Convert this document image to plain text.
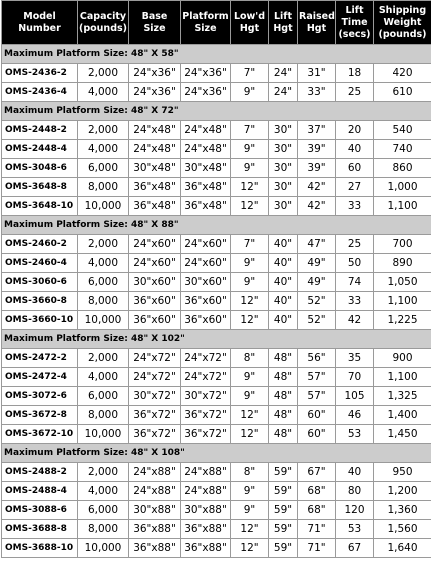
Model Number	Capacity (pounds)	Base Size	Platform Size	Low'd Hgt	Lift Hgt	Raised Hgt	Lift Time (secs)	Shipping Weight (pounds)
Maximum Platform Size: 48" X 58"								
OMS-2436-2	2,000	24"x36"	24"x36"	7"	24"	31"	18	420
OMS-2436-4	4,000	24"x36"	24"x36"	9"	24"	33"	25	610
Maximum Platform Size: 48" X 72"								
OMS-2448-2	2,000	24"x48"	24"x48"	7"	30"	37"	20	540
OMS-2448-4	4,000	24"x48"	24"x48"	9"	30"	39"	40	740
OMS-3048-6	6,000	30"x48"	30"x48"	9"	30"	39"	60	860
OMS-3648-8	8,000	36"x48"	36"x48"	12"	30"	42"	27	1,000
OMS-3648-10	10,000	36"x48"	36"x48"	12"	30"	42"	33	1,100
Maximum Platform Size: 48" X 88"								
OMS-2460-2	2,000	24"x60"	24"x60"	7"	40"	47"	25	700
OMS-2460-4	4,000	24"x60"	24"x60"	9"	40"	49"	50	890
OMS-3060-6	6,000	30"x60"	30"x60"	9"	40"	49"	74	1,050
OMS-3660-8	8,000	36"x60"	36"x60"	12"	40"	52"	33	1,100
OMS-3660-10	10,000	36"x60"	36"x60"	12"	40"	52"	42	1,225
Maximum Platform Size: 48" X 102"								
OMS-2472-2	2,000	24"x72"	24"x72"	8"	48"	56"	35	900
OMS-2472-4	4,000	24"x72"	24"x72"	9"	48"	57"	70	1,100
OMS-3072-6	6,000	30"x72"	30"x72"	9"	48"	57"	105	1,325
OMS-3672-8	8,000	36"x72"	36"x72"	12"	48"	60"	46	1,400
OMS-3672-10	10,000	36"x72"	36"x72"	12"	48"	60"	53	1,450
Maximum Platform Size: 48" X 108"								
OMS-2488-2	2,000	24"x88"	24"x88"	8"	59"	67"	40	950
OMS-2488-4	4,000	24"x88"	24"x88"	9"	59"	68"	80	1,200
OMS-3088-6	6,000	30"x88"	30"x88"	9"	59"	68"	120	1,360
OMS-3688-8	8,000	36"x88"	36"x88"	12"	59"	71"	53	1,560
OMS-3688-10	10,000	36"x88"	36"x88"	12"	59"	71"	67	1,640
